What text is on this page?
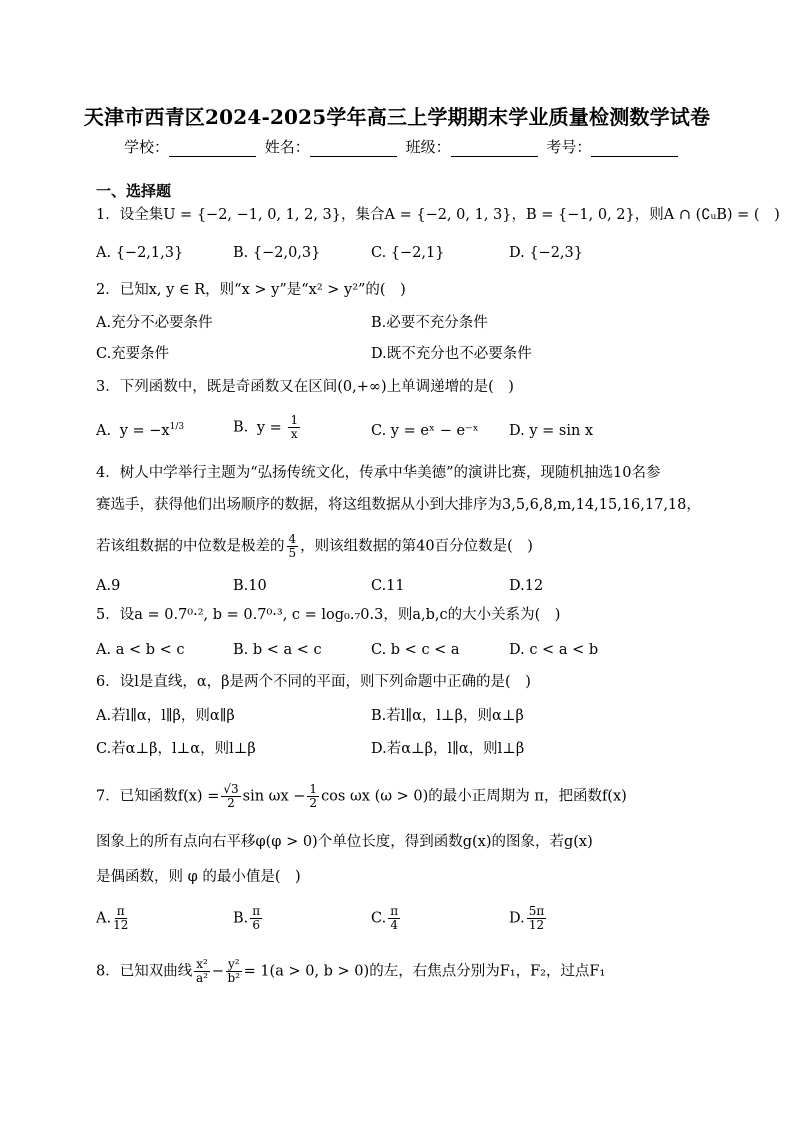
天津市西青区2024-2025学年高三上学期期末学业质量检测数学试卷
学校：	姓名：	班级：	考号：
一、选择题
1．设全集U = {−2, −1, 0, 1, 2, 3}，集合A = {−2, 0, 1, 3}，B = {−1, 0, 2}，则A ∩ (∁ᵤB) = (　)
A. {−2,1,3}	B. {−2,0,3}	C. {−2,1}	D. {−2,3}
2．已知x, y ∈ R，则“x > y”是“x² > y²”的(　)
A.充分不必要条件	B.必要不充分条件
C.充要条件	D.既不充分也不必要条件
3．下列函数中，既是奇函数又在区间(0,+∞)上单调递增的是(　)
A. $y = -x^{1/3}$	B. $y = \frac{1}{x}$	C. y = eˣ − e⁻ˣ D. y = sin x
4．树人中学举行主题为“弘扬传统文化，传承中华美德”的演讲比赛，现随机抽选10名参
赛选手，获得他们出场顺序的数据，将这组数据从小到大排序为3,5,6,8,m,14,15,16,17,18，
若该组数据的中位数是极差的 $\frac{4}{5}$ ，则该组数据的第40百分位数是(　)
A.9	B.10	C.11	D.12
5．设a = 0.7⁰·², b = 0.7⁰·³, c = log₀.₇0.3，则a,b,c的大小关系为(　)
A. a < b < c	B. b < a < c	C. b < c < a	D. c < a < b
6．设l是直线，α，β是两个不同的平面，则下列命题中正确的是(　)
A.若l∥α，l∥β，则α∥β	B.若l∥α，l⊥β，则α⊥β
C.若α⊥β，l⊥α，则l⊥β	D.若α⊥β，l∥α，则l⊥β
7．已知函数$f(x) = \frac{√3}{2}$ $\sin \omega x - \frac{1}{2}$ cos ωx (ω > 0)的最小正周期为 π，把函数f(x)
图象上的所有点向右平移φ(φ > 0)个单位长度，得到函数g(x)的图象，若g(x)
是偶函数，则 φ 的最小值是(　)
A. $\frac{\pi}{12}$	B. $\frac{\pi}{6}$	C. $\frac{\pi}{4}$	D. $\frac{5\pi}{12}$
8．已知双曲线 $\frac{\text{x²}}{\text{a²}} - \frac{\text{y²}}{\text{b²}} = 1(a > 0$, b > 0)的左，右焦点分别为F₁，F₂，过点F₁
